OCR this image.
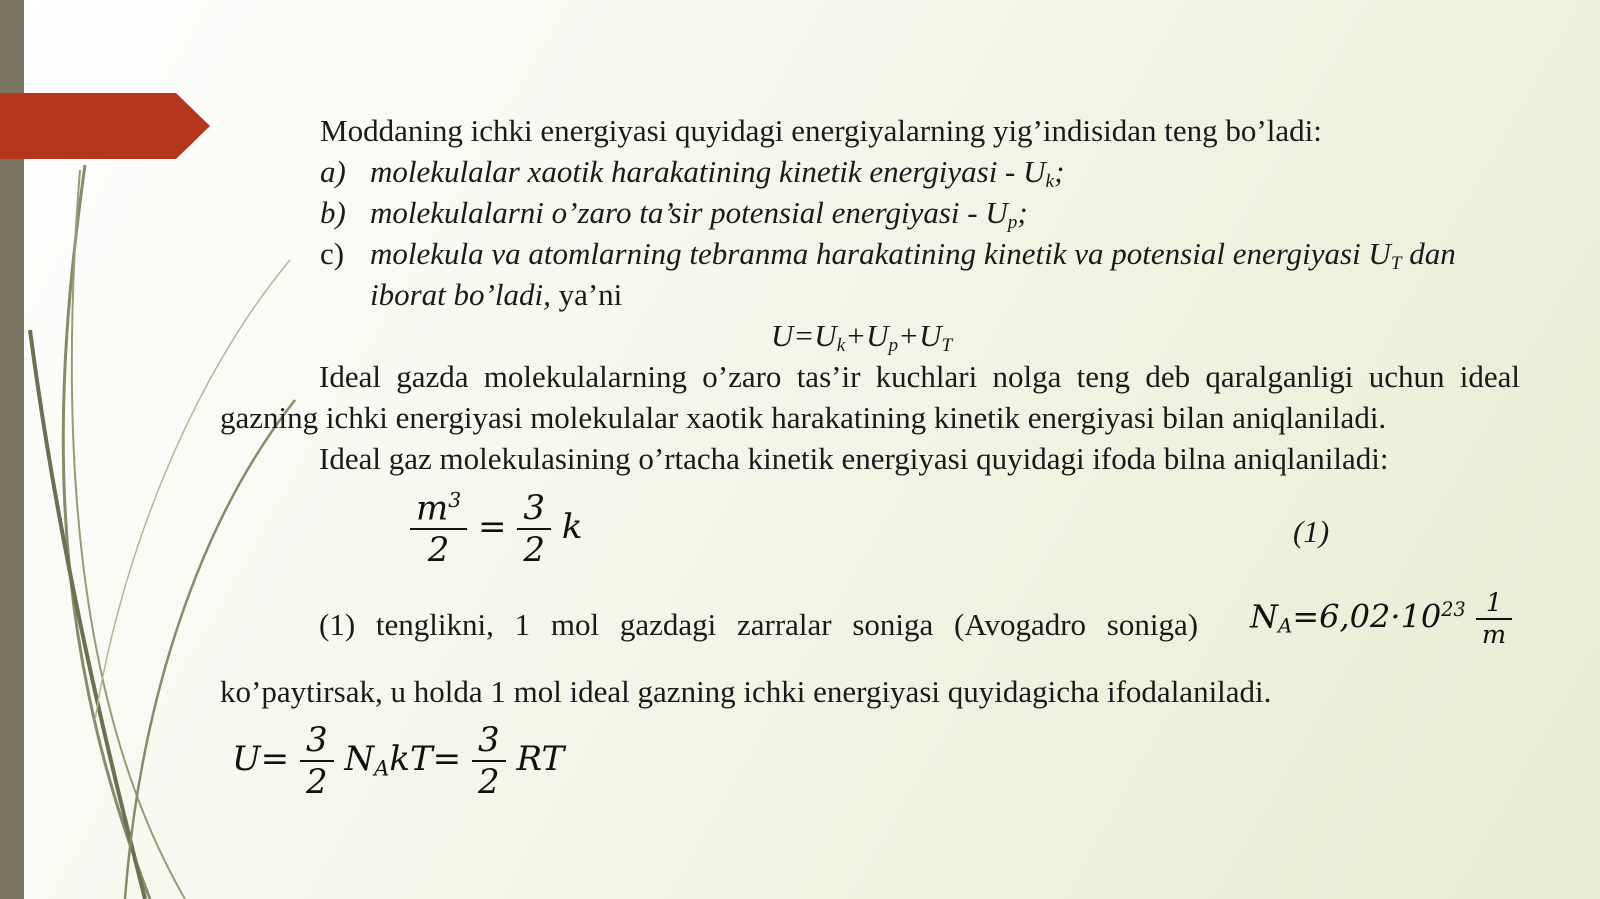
Moddaning ichki energiyasi quyidagi energiyalarning yig’indisidan teng bo’ladi:
a) molekulalar xaotik harakatining kinetik energiyasi - $U_k$;
b) molekulalarni o’zaro ta’sir potensial energiyasi - $U_p$;
c) molekula va atomlarning tebranma harakatining kinetik va potensial energiyasi $U_T$ dan
iborat bo’ladi, ya’ni
$U=U_k+U_p+U_T$
Ideal gazda molekulalarning o’zaro tas’ir kuchlari nolga teng deb qaralganligi uchun ideal
gazning ichki energiyasi molekulalar xaotik harakatining kinetik energiyasi bilan aniqlaniladi.
Ideal gaz molekulasining o’rtacha kinetik energiyasi quyidagi ifoda bilna aniqlaniladi:
$\frac{m^3}{2} = \frac{3}{2}$ k	(1)
(1) tenglikni, 1 mol gazdagi zarralar soniga (Avogadro soniga) $N_A=6,02\cdot 10^{23} \frac{1}{m}$
ko’paytirsak, u holda 1 mol ideal gazning ichki energiyasi quyidagicha ifodalaniladi.
$U= \frac{3}{2} N_AkT= \frac{3}{2}$ RT
